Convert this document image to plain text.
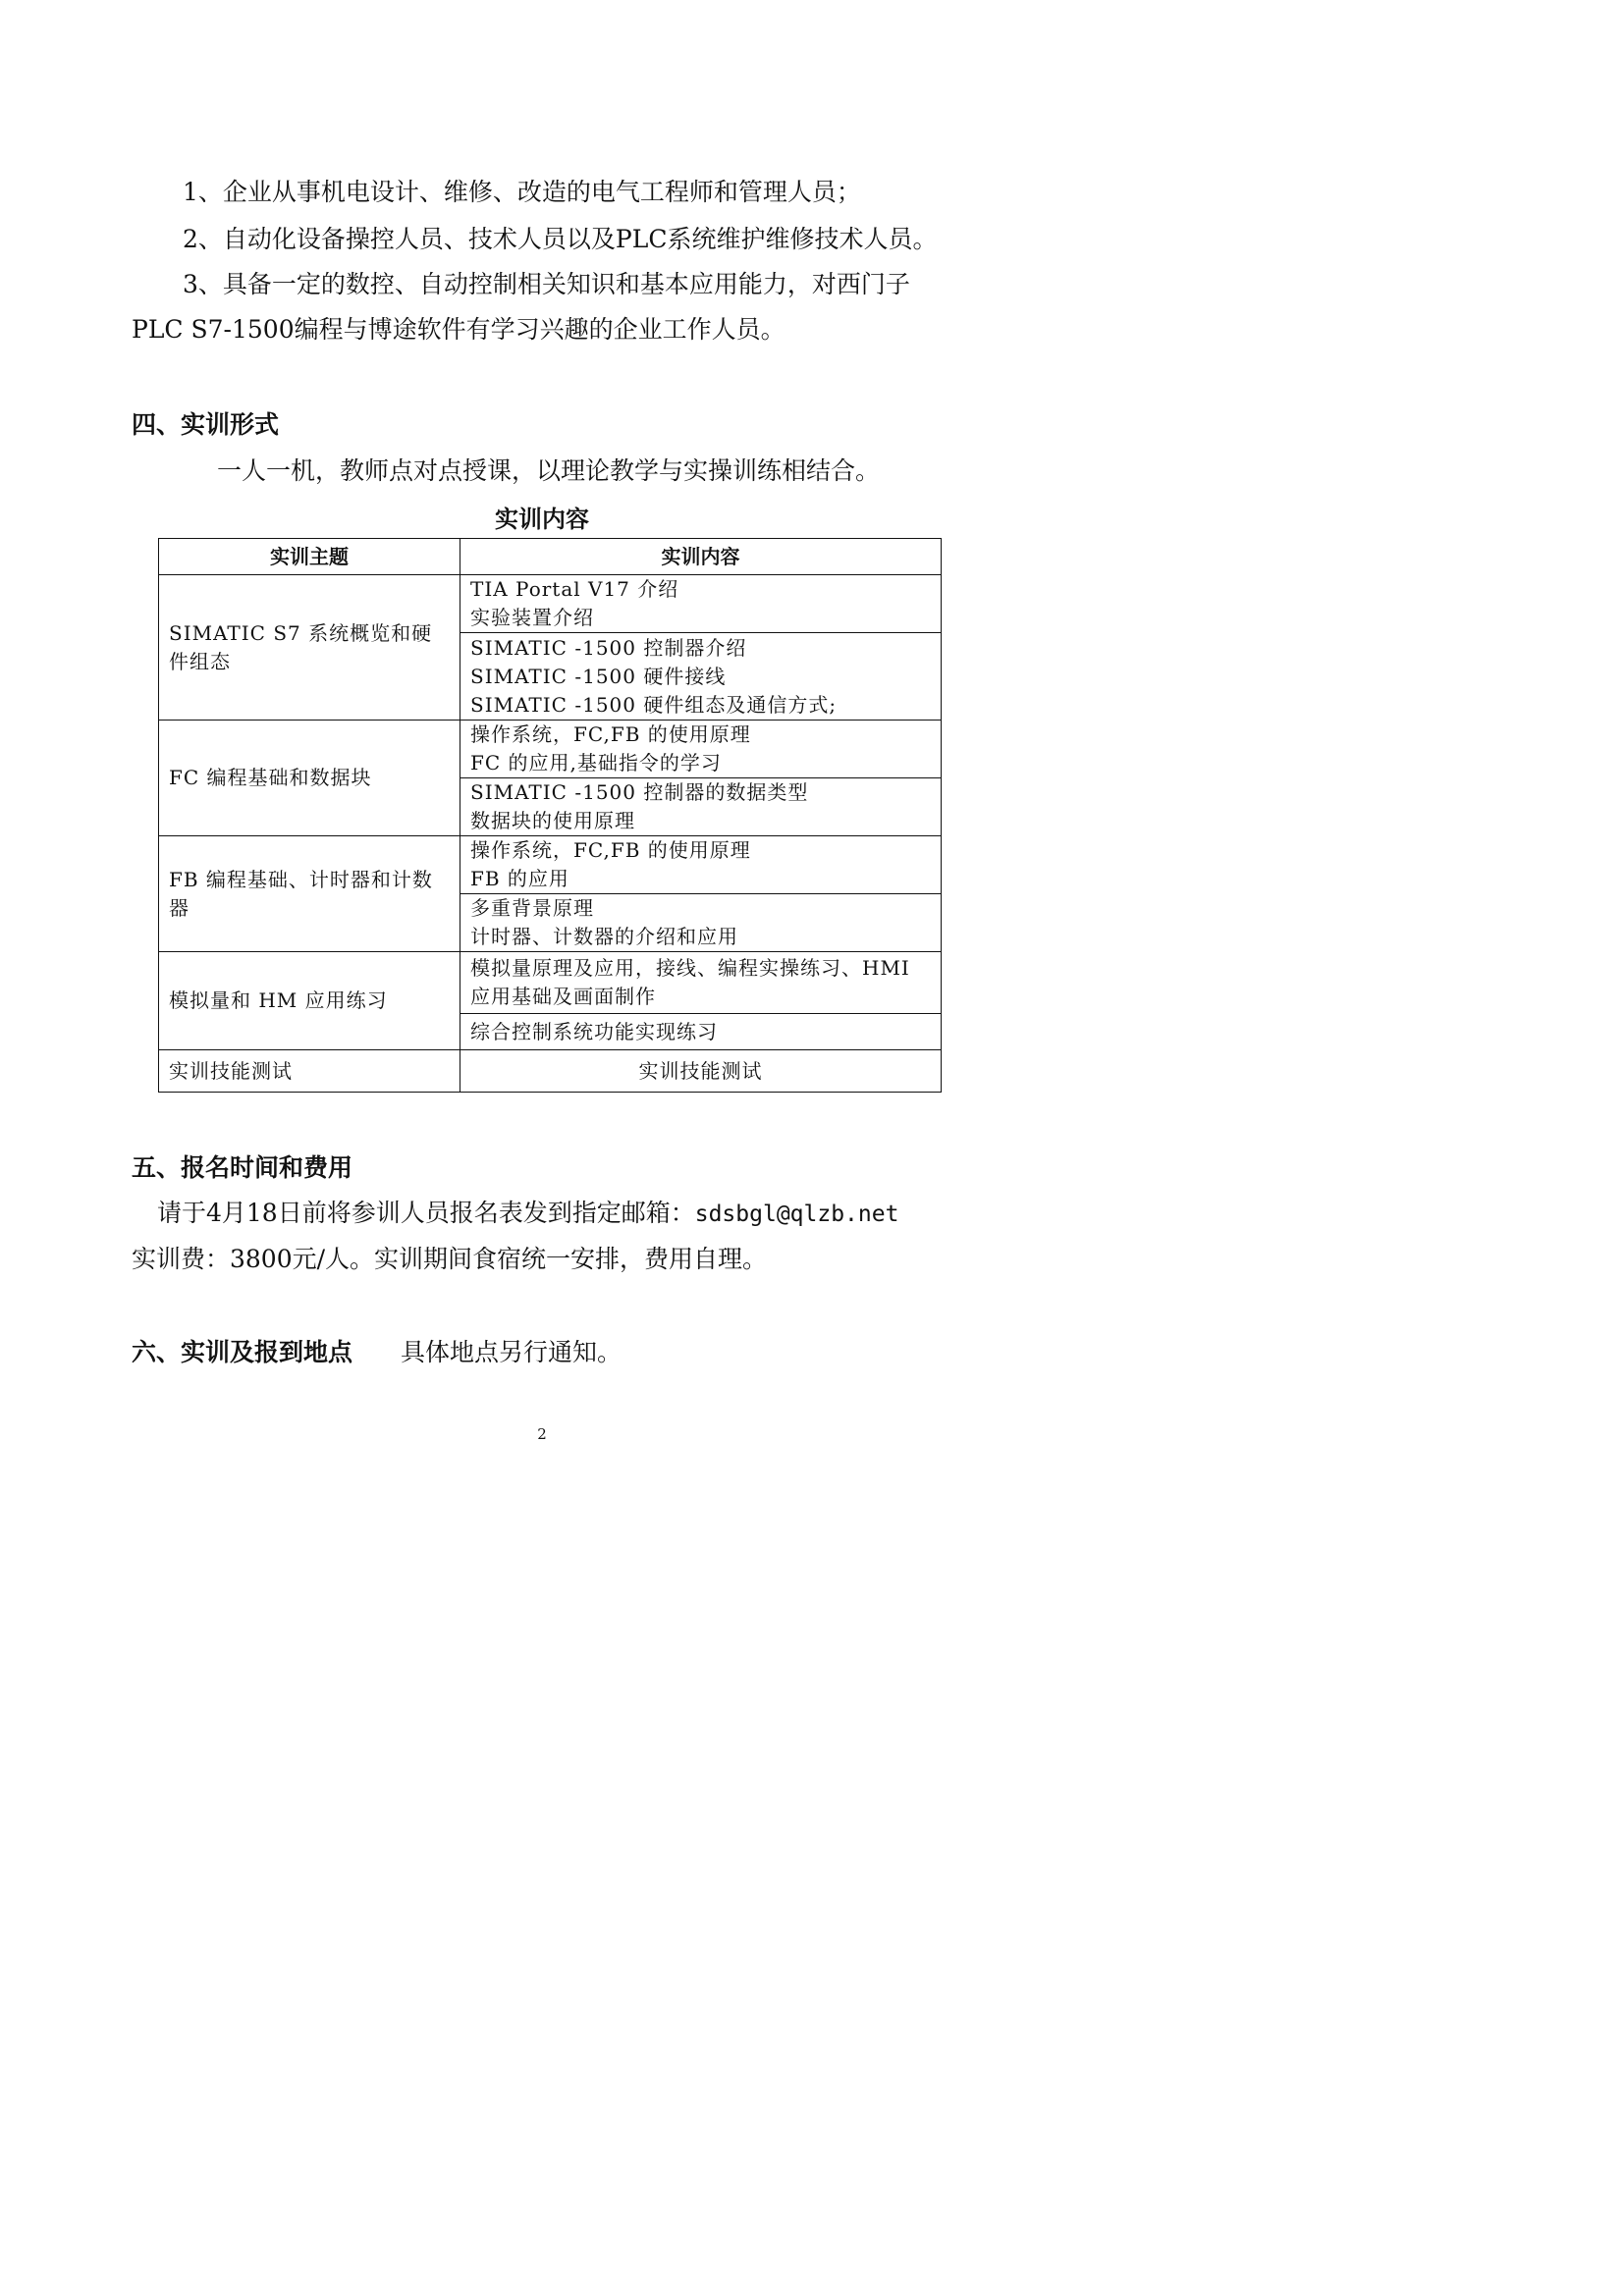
1、企业从事机电设计、维修、改造的电气工程师和管理人员；
2、自动化设备操控人员、技术人员以及PLC系统维护维修技术人员。
3、具备一定的数控、自动控制相关知识和基本应用能力，对西门子
PLC S7-1500编程与博途软件有学习兴趣的企业工作人员。
四、实训形式
一人一机，教师点对点授课，以理论教学与实操训练相结合。
实训内容
实训主题	实训内容
SIMATIC S7 系统概览和硬件组态	TIA Portal V17 介绍
实验装置介绍

	SIMATIC -1500 控制器介绍
SIMATIC -1500 硬件接线
SIMATIC -1500 硬件组态及通信方式;

FC 编程基础和数据块	操作系统，FC,FB 的使用原理
FC 的应用,基础指令的学习

	SIMATIC -1500 控制器的数据类型
数据块的使用原理

FB 编程基础、计时器和计数器	操作系统，FC,FB 的使用原理
FB 的应用

	多重背景原理
计时器、计数器的介绍和应用

模拟量和 HM 应用练习	模拟量原理及应用，接线、编程实操练习、HMI 应用基础及画面制作

	综合控制系统功能实现练习

实训技能测试	实训技能测试
五、报名时间和费用
请于4月18日前将参训人员报名表发到指定邮箱：sdsbgl@qlzb.net
实训费：3800元/人。实训期间食宿统一安排，费用自理。
六、实训及报到地点 具体地点另行通知。
2
